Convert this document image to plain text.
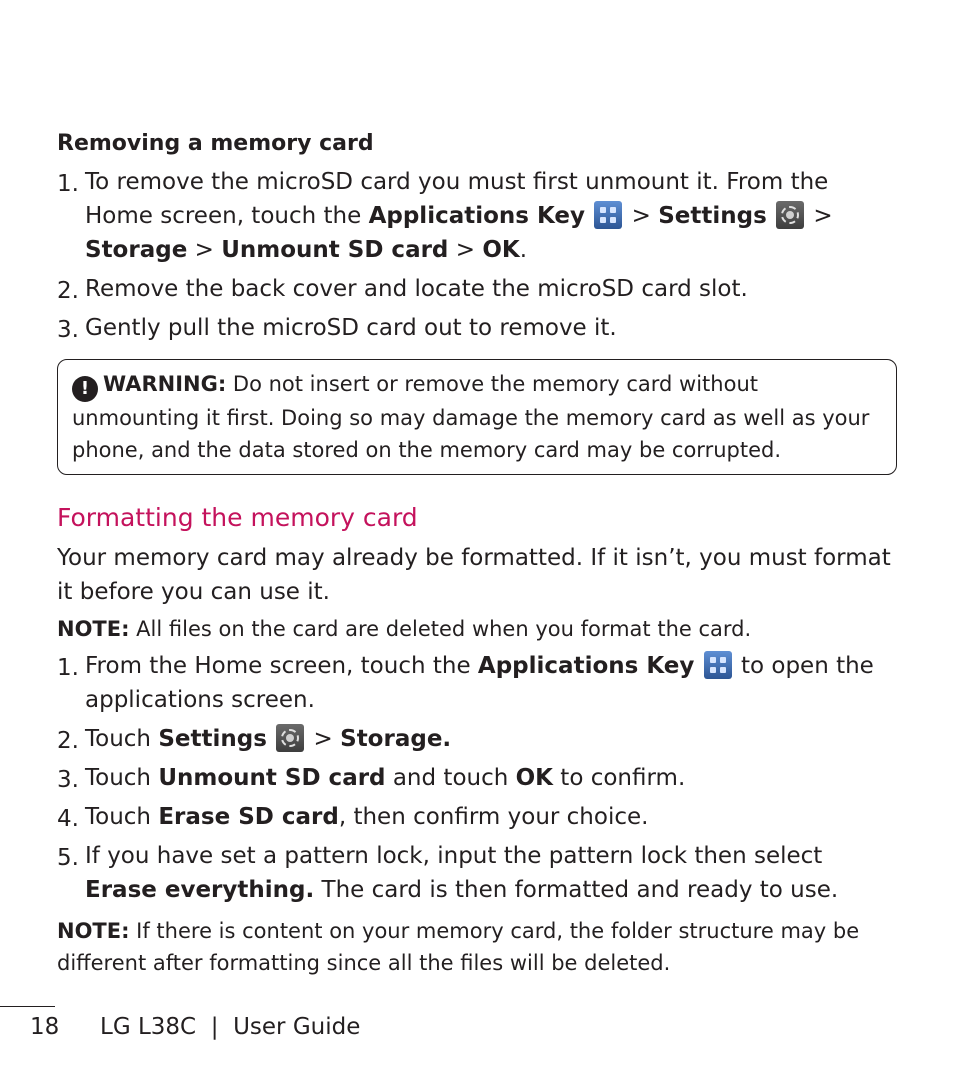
Removing a memory card
1. To remove the microSD card you must first unmount it. From the Home screen, touch the Applications Key
> Settings
> Storage > Unmount SD card > OK.
2. Remove the back cover and locate the microSD card slot.
3. Gently pull the microSD card out to remove it.
! WARNING: Do not insert or remove the memory card without unmounting it first. Doing so may damage the memory card as well as your phone, and the data stored on the memory card may be corrupted.
Formatting the memory card

Your memory card may already be formatted. If it isn’t, you must format it before you can use it.

NOTE: All files on the card are deleted when you format the card.

1. From the Home screen, touch the Applications Key
to open the applications screen.
2. Touch Settings
> Storage.
3. Touch Unmount SD card and touch OK to confirm.
4. Touch Erase SD card, then confirm your choice.
5. If you have set a pattern lock, input the pattern lock then select Erase everything. The card is then formatted and ready to use.

NOTE: If there is content on your memory card, the folder structure may be different after formatting since all the files will be deleted.

18 LG L38C  |  User Guide
